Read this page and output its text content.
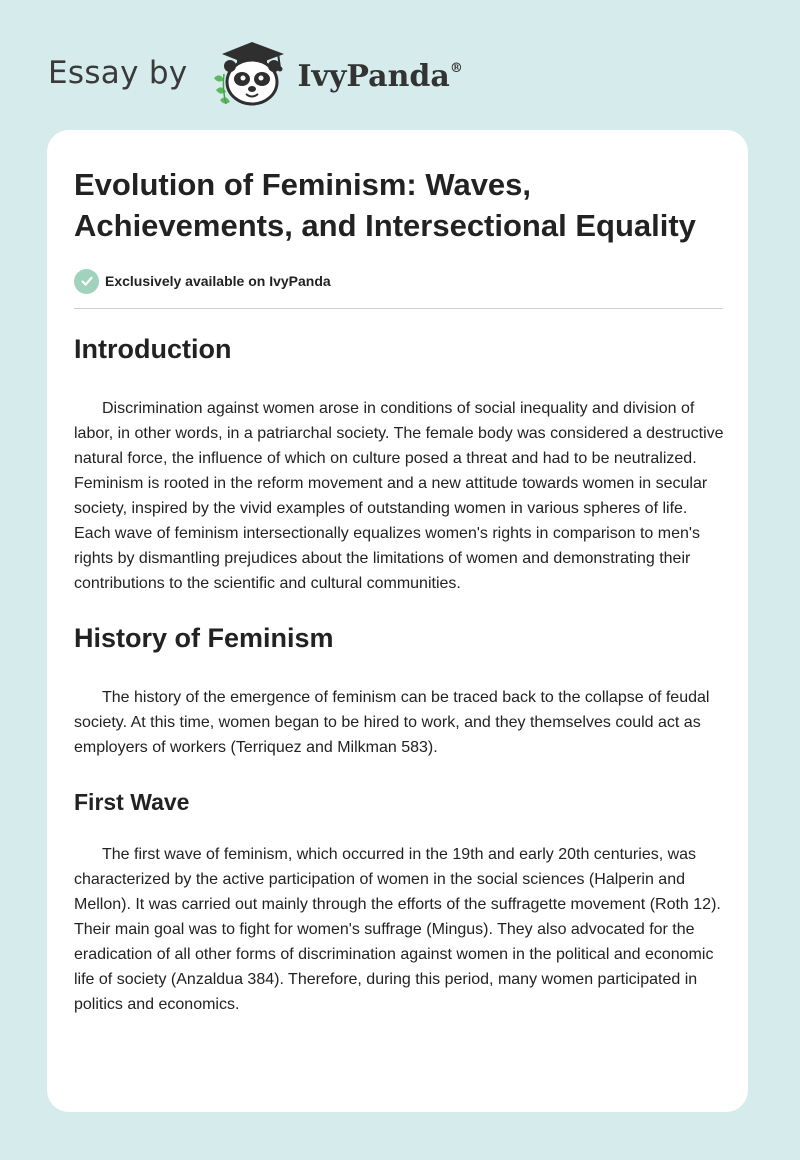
Essay by	IvyPanda®
Evolution of Feminism: Waves, Achievements, and Intersectional Equality
Exclusively available on IvyPanda
Introduction

Discrimination against women arose in conditions of social inequality and division of labor, in other words, in a patriarchal society. The female body was considered a destructive natural force, the influence of which on culture posed a threat and had to be neutralized. Feminism is rooted in the reform movement and a new attitude towards women in secular society, inspired by the vivid examples of outstanding women in various spheres of life. Each wave of feminism intersectionally equalizes women's rights in comparison to men's rights by dismantling prejudices about the limitations of women and demonstrating their contributions to the scientific and cultural communities.

History of Feminism

The history of the emergence of feminism can be traced back to the collapse of feudal society. At this time, women began to be hired to work, and they themselves could act as employers of workers (Terriquez and Milkman 583).

First Wave

The first wave of feminism, which occurred in the 19th and early 20th centuries, was characterized by the active participation of women in the social sciences (Halperin and Mellon). It was carried out mainly through the efforts of the suffragette movement (Roth 12). Their main goal was to fight for women's suffrage (Mingus). They also advocated for the eradication of all other forms of discrimination against women in the political and economic life of society (Anzaldua 384). Therefore, during this period, many women participated in politics and economics.
